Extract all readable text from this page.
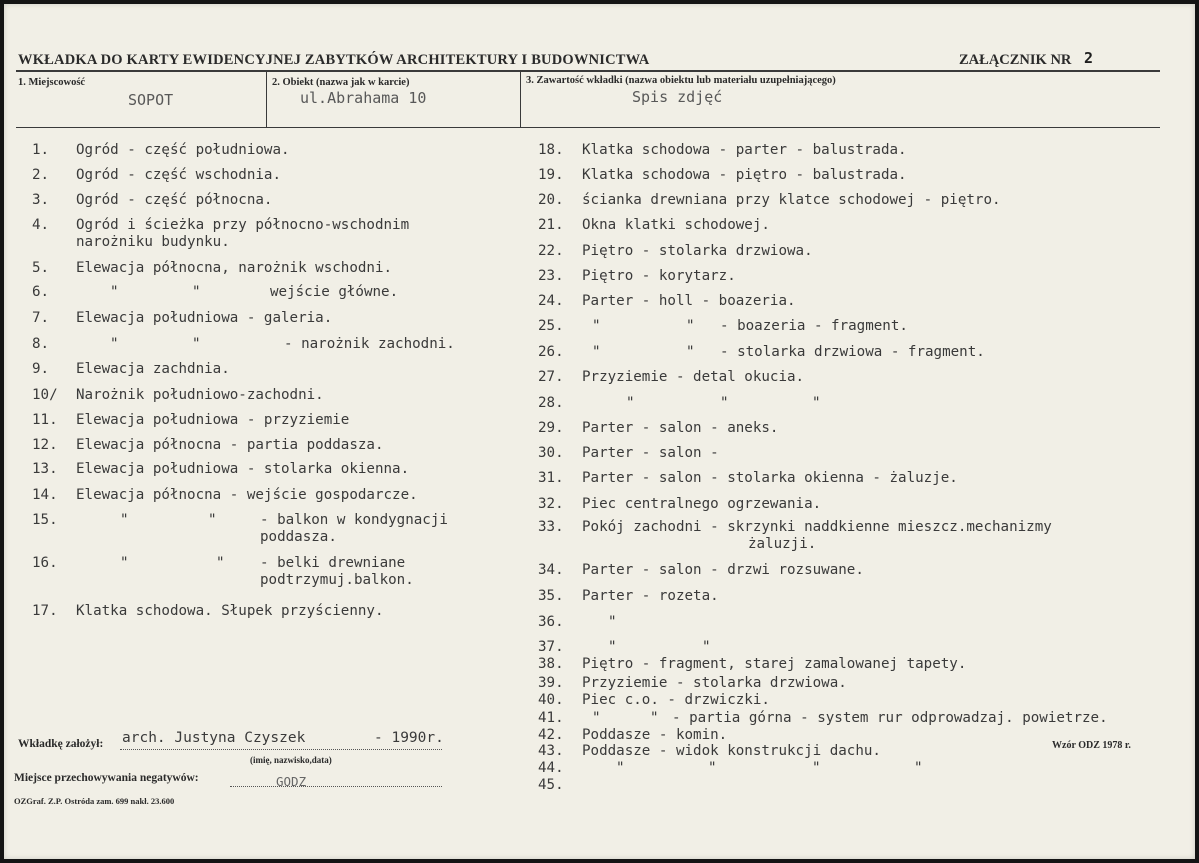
WKŁADKA DO KARTY EWIDENCYJNEJ ZABYTKÓW ARCHITEKTURY I BUDOWNICTWA	ZAŁĄCZNIK NR 2
1. Miejscowość
SOPOT
2. Obiekt (nazwa jak w karcie)
ul.Abrahama 10
3. Zawartość wkładki (nazwa obiektu lub materiału uzupełniającego)
Spis zdjęć
1. Ogród - część południowa.
2. Ogród - część wschodnia.
3. Ogród - część północna.
4. Ogród i ścieżka przy północno-wschodnim
narożniku budynku.
5. Elewacja północna, narożnik wschodni.
6.	"	"	wejście główne.
7. Elewacja południowa - galeria.
8.	"	"	- narożnik zachodni.
9. Elewacja zachdnia.
10/ Narożnik południowo-zachodni.
11. Elewacja południowa - przyziemie
12. Elewacja północna - partia poddasza.
13. Elewacja południowa - stolarka okienna.
14. Elewacja północna - wejście gospodarcze.
15.	"	"	- balkon w kondygnacji
poddasza.
16.	"	" - belki drewniane
podtrzymuj.balkon.
17. Klatka schodowa. Słupek przyścienny.
18. Klatka schodowa - parter - balustrada.
19. Klatka schodowa - piętro - balustrada.
20. ścianka drewniana przy klatce schodowej - piętro.
21. Okna klatki schodowej.
22. Piętro - stolarka drzwiowa.
23. Piętro - korytarz.
24. Parter - holl - boazeria.
25. "	" - boazeria - fragment.
26. "	" - stolarka drzwiowa - fragment.
27. Przyziemie - detal okucia.
28.	"	"	"
29. Parter - salon - aneks.
30. Parter - salon -
31. Parter - salon - stolarka okienna - żaluzje.
32. Piec centralnego ogrzewania.
33. Pokój zachodni - skrzynki naddkienne mieszcz.mechanizmy
żaluzji.
34. Parter - salon - drzwi rozsuwane.
35. Parter - rozeta.
36.	"
37.	"	"
38. Piętro - fragment, starej zamalowanej tapety.
39. Przyziemie - stolarka drzwiowa.
40. Piec c.o. - drzwiczki.
41. "	" - partia górna - system rur odprowadzaj. powietrze.
42. Poddasze - komin.
43. Poddasze - widok konstrukcji dachu.
44.	"	"	"	"
45.
Wkładkę założył: arch. Justyna Czyszek	- 1990r.
(imię, nazwisko,data)
Miejsce przechowywania negatywów:	GODZ
OZGraf. Z.P. Ostróda zam. 699 nakł. 23.600
Wzór ODZ 1978 r.
